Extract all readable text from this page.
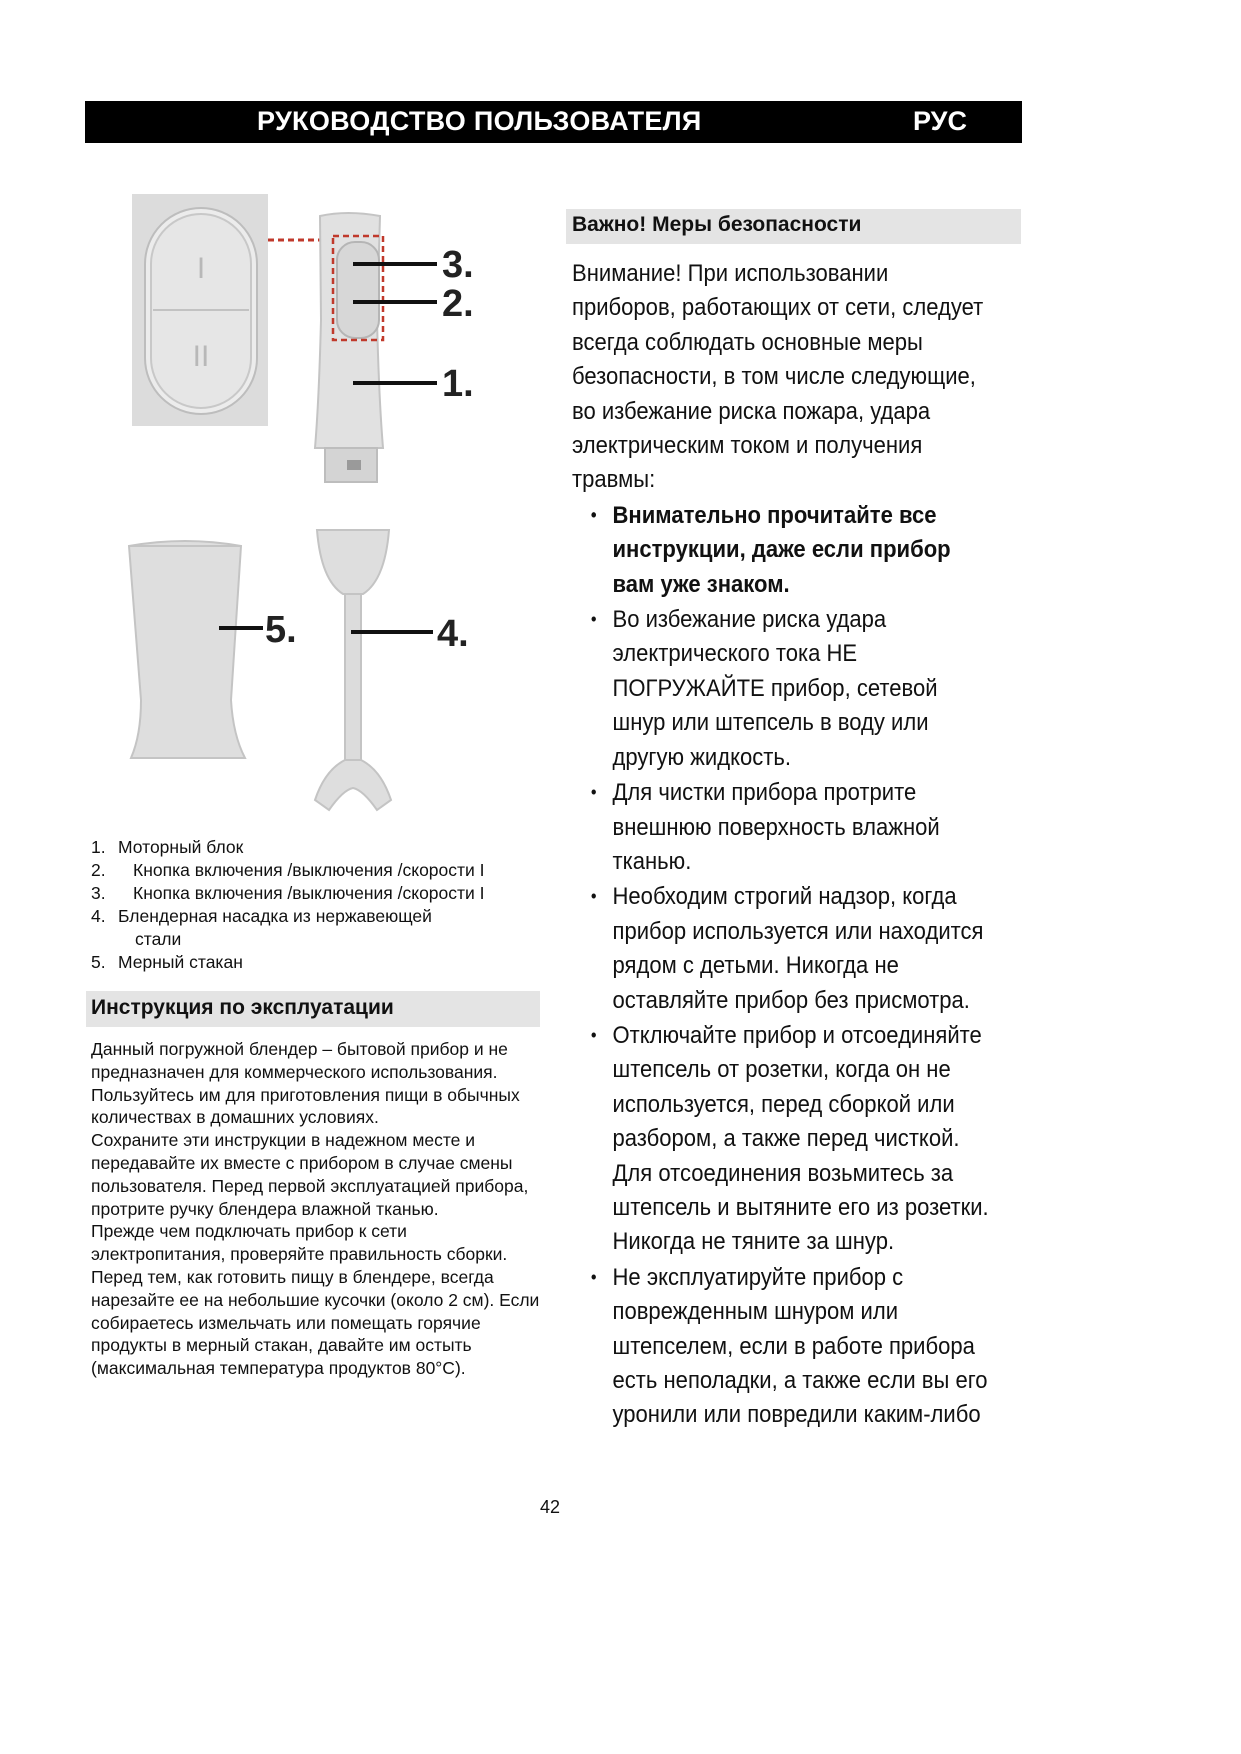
РУКОВОДСТВО ПОЛЬЗОВАТЕЛЯ	РУС
I
II
3.
2.
1.
5.	4.
1. Моторный блок
2.	Кнопка включения /выключения /скорости I
3.	Кнопка включения /выключения /скорости I
4. Блендерная насадка из нержавеющей
стали
5. Мерный стакан
Инструкция по эксплуатации

Данный погружной блендер – бытовой прибор и не предназначен для коммерческого использования. Пользуйтесь им для приготовления пищи в обычных количествах в домашних условиях.

Сохраните эти инструкции в надежном месте и передавайте их вместе с прибором в случае смены пользователя. Перед первой эксплуатацией прибора, протрите ручку блендера влажной тканью.

Прежде чем подключать прибор к сети электропитания, проверяйте правильность сборки. Перед тем, как готовить пищу в блендере, всегда нарезайте ее на небольшие кусочки (около 2 см). Если собираетесь измельчать или помещать горячие продукты в мерный стакан, давайте им остыть (максимальная температура продуктов 80°C).

Важно! Меры безопасности

Внимание! При использовании приборов, работающих от сети, следует всегда соблюдать основные меры безопасности, в том числе следующие, во избежание риска пожара, удара электрическим током и получения травмы:

• Внимательно прочитайте все инструкции, даже если прибор вам уже знаком.

• Во избежание риска удара электрического тока НЕ ПОГРУЖАЙТЕ прибор, сетевой шнур или штепсель в воду или другую жидкость.

• Для чистки прибора протрите внешнюю поверхность влажной тканью.

• Необходим строгий надзор, когда прибор используется или находится рядом с детьми. Никогда не оставляйте прибор без присмотра.

• Отключайте прибор и отсоединяйте штепсель от розетки, когда он не используется, перед сборкой или разбором, а также перед чисткой. Для отсоединения возьмитесь за штепсель и вытяните его из розетки. Никогда не тяните за шнур.

• Не эксплуатируйте прибор с поврежденным шнуром или штепселем, если в работе прибора есть неполадки, а также если вы его уронили или повредили каким-либо

42
